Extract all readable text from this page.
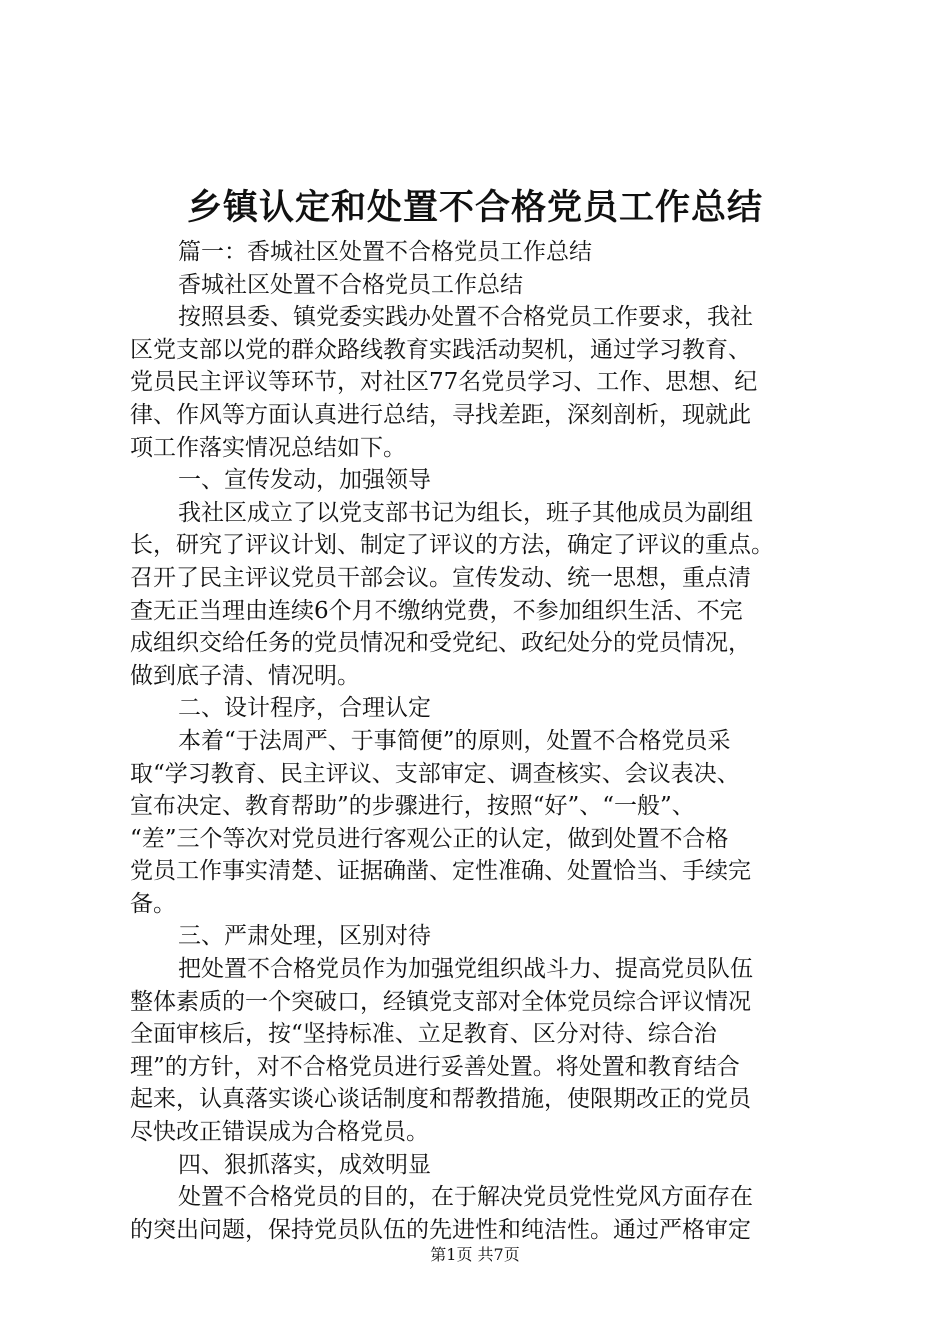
乡镇认定和处置不合格党员工作总结
篇一：香城社区处置不合格党员工作总结
香城社区处置不合格党员工作总结
按照县委、镇党委实践办处置不合格党员工作要求，我社
区党支部以党的群众路线教育实践活动契机，通过学习教育、
党员民主评议等环节，对社区77名党员学习、工作、思想、纪
律、作风等方面认真进行总结，寻找差距，深刻剖析，现就此
项工作落实情况总结如下。
一、宣传发动，加强领导
我社区成立了以党支部书记为组长，班子其他成员为副组
长，研究了评议计划、制定了评议的方法，确定了评议的重点。
召开了民主评议党员干部会议。宣传发动、统一思想，重点清
查无正当理由连续6个月不缴纳党费，不参加组织生活、不完
成组织交给任务的党员情况和受党纪、政纪处分的党员情况，
做到底子清、情况明。
二、设计程序，合理认定
本着“于法周严、于事简便”的原则，处置不合格党员采
取“学习教育、民主评议、支部审定、调查核实、会议表决、
宣布决定、教育帮助”的步骤进行，按照“好”、“一般”、
“差”三个等次对党员进行客观公正的认定，做到处置不合格
党员工作事实清楚、证据确凿、定性准确、处置恰当、手续完
备。
三、严肃处理，区别对待
把处置不合格党员作为加强党组织战斗力、提高党员队伍
整体素质的一个突破口，经镇党支部对全体党员综合评议情况
全面审核后，按“坚持标准、立足教育、区分对待、综合治
理”的方针，对不合格党员进行妥善处置。将处置和教育结合
起来，认真落实谈心谈话制度和帮教措施，使限期改正的党员
尽快改正错误成为合格党员。
四、狠抓落实，成效明显
处置不合格党员的目的，在于解决党员党性党风方面存在
的突出问题，保持党员队伍的先进性和纯洁性。通过严格审定
第1页 共7页
